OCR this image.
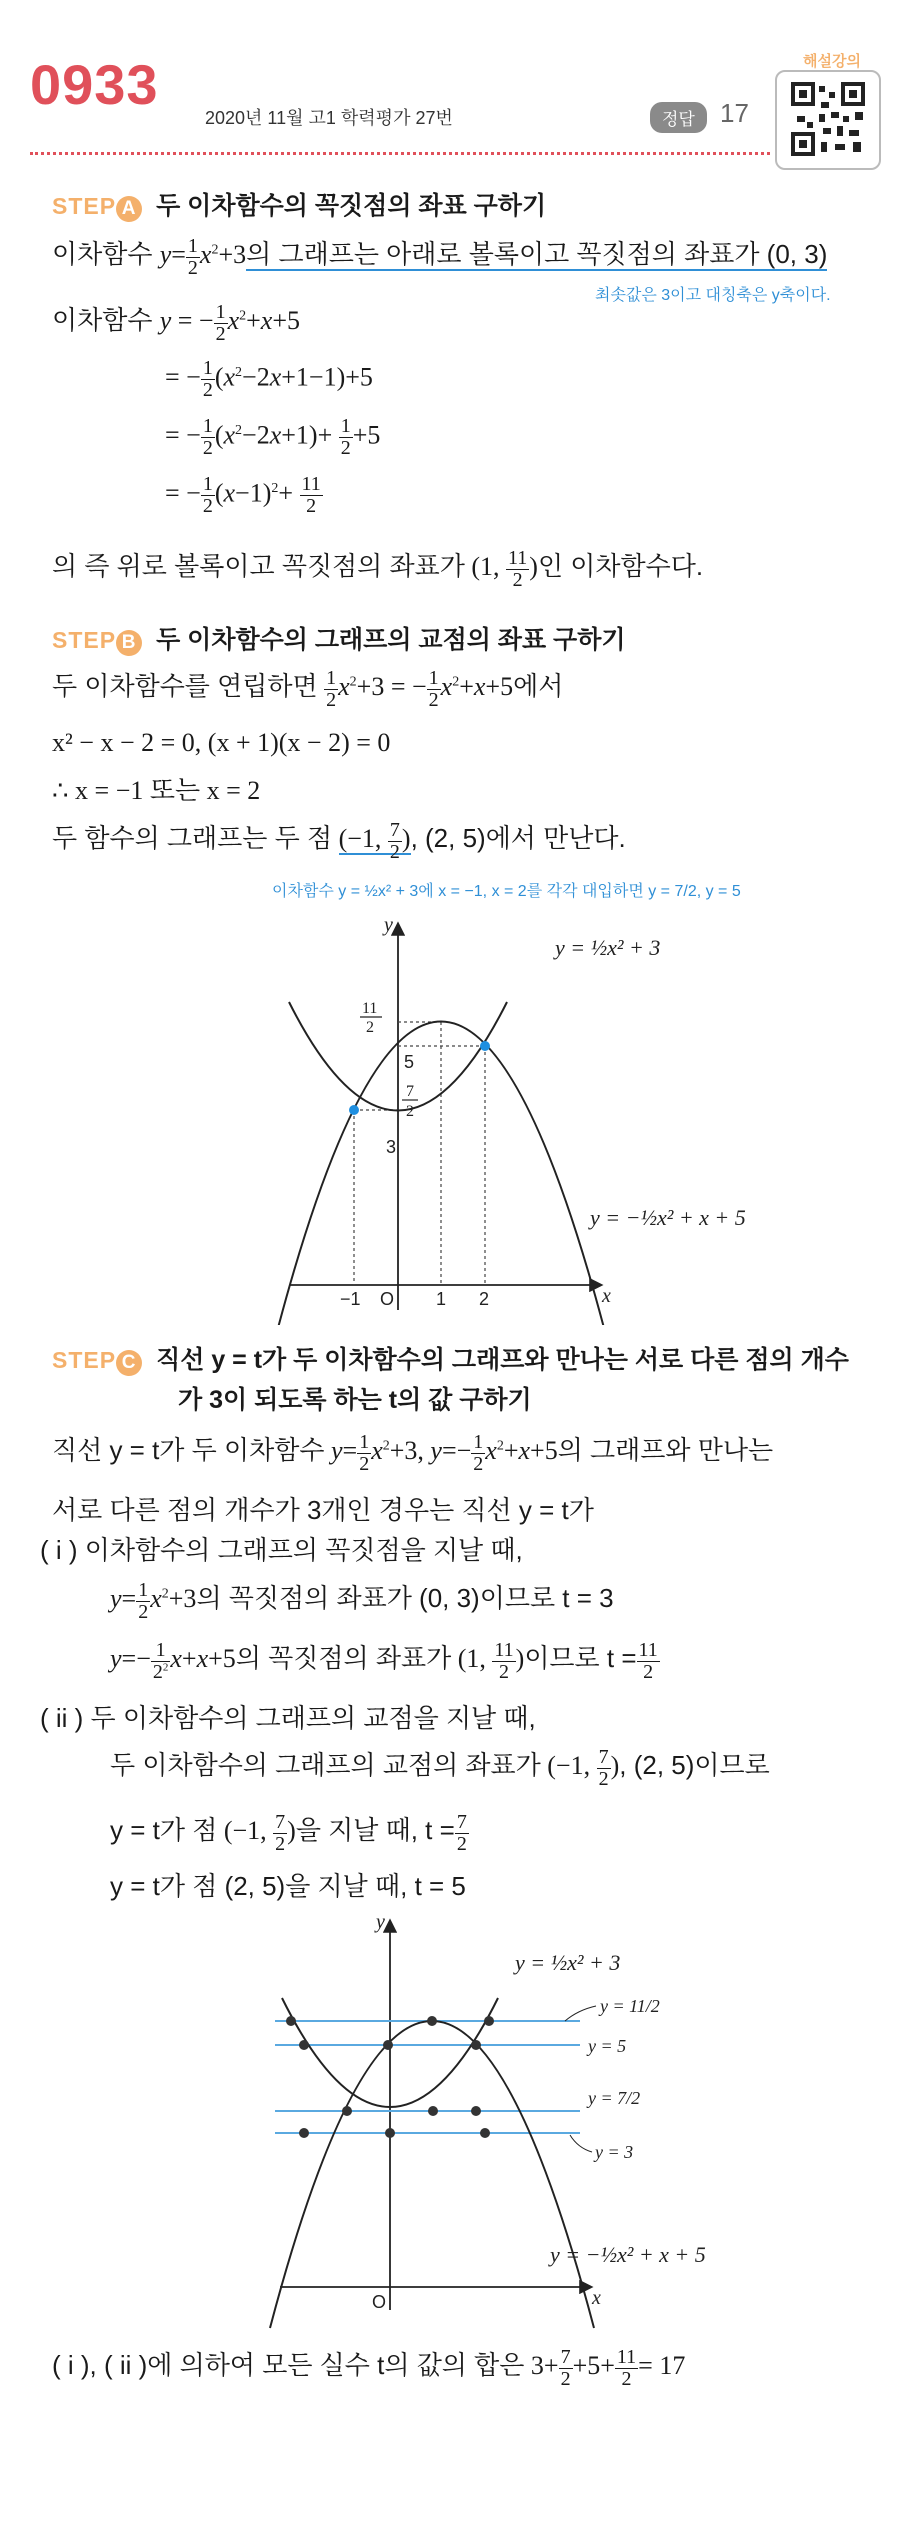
0933
2020년 11월 고1 학력평가 27번	정답 17
해설강의
STEP A 두 이차함수의 꼭짓점의 좌표 구하기
이차함수 $y= \frac{1}{2} x^2+3$의 그래프는 아래로 볼록이고 꼭짓점의 좌표가 (0, 3)
최솟값은 3이고 대칭축은 y축이다.
이차함수 y = − $\frac{1}{2} x^2+x+5$
= − $\frac{1}{2} (x^2-2x+1-1)+5$
= − $\frac{1}{2} (x^2-2x+1)+ \frac{1}{2} +5$
= − $\frac{1}{2} (x-1)^2+ \frac{11}{2}$
의 즉 위로 볼록이고 꼭짓점의 좌표가 (1, $\frac{11}{2}$ )인 이차함수다.
STEP B 두 이차함수의 그래프의 교점의 좌표 구하기
두 이차함수를 연립하면 $\frac{1}{2} x^2+3$ = − $\frac{1}{2} x^2+x+5$에서
x² − x − 2 = 0, (x + 1)(x − 2) = 0
∴ x = −1 또는 x = 2
두 함수의 그래프는 두 점 (−1, $\frac{7}{2}$ ), (2, 5)에서 만난다.
이차함수 y = ½x² + 3에 x = −1, x = 2를 각각 대입하면 y = 7/2, y = 5
y
x
O
−1	1 2
11
2
5
7
2
3
y = ½x² + 3
y = −½x² + x + 5
STEP C 직선 y = t가 두 이차함수의 그래프와 만나는 서로 다른 점의 개수
가 3이 되도록 하는 t의 값 구하기
직선 y = t가 두 이차함수 $y= \frac{1}{2} x^2+3$, $y=- \frac{1}{2} x^2+x+5$의 그래프와 만나는
서로 다른 점의 개수가 3개인 경우는 직선 y = t가
( i ) 이차함수의 그래프의 꼭짓점을 지날 때,
$y= \frac{1}{2} x^2+3$의 꼭짓점의 좌표가 (0, 3)이므로 t = 3
$y=- \frac{1}{2^2} x+x+5$의 꼭짓점의 좌표가 (1, $\frac{11}{2}$ )이므로 $t = \frac{11}{2}$
( ii ) 두 이차함수의 그래프의 교점을 지날 때,
두 이차함수의 그래프의 교점의 좌표가 (−1, $\frac{7}{2}$ ), (2, 5)이므로
y = t가 점 (−1, $\frac{7}{2}$ )을 지날 때, $t = \frac{7}{2}$
y = t가 점 (2, 5)을 지날 때, t = 5
y
x
O
y = ½x² + 3
y = −½x² + x + 5
y = 11/2
y = 5
y = 7/2
y = 3
( i ), ( ii )에 의하여 모든 실수 t의 값의 합은 $3+ \frac{7}{2} +5+ \frac{11}{2} = 17$
